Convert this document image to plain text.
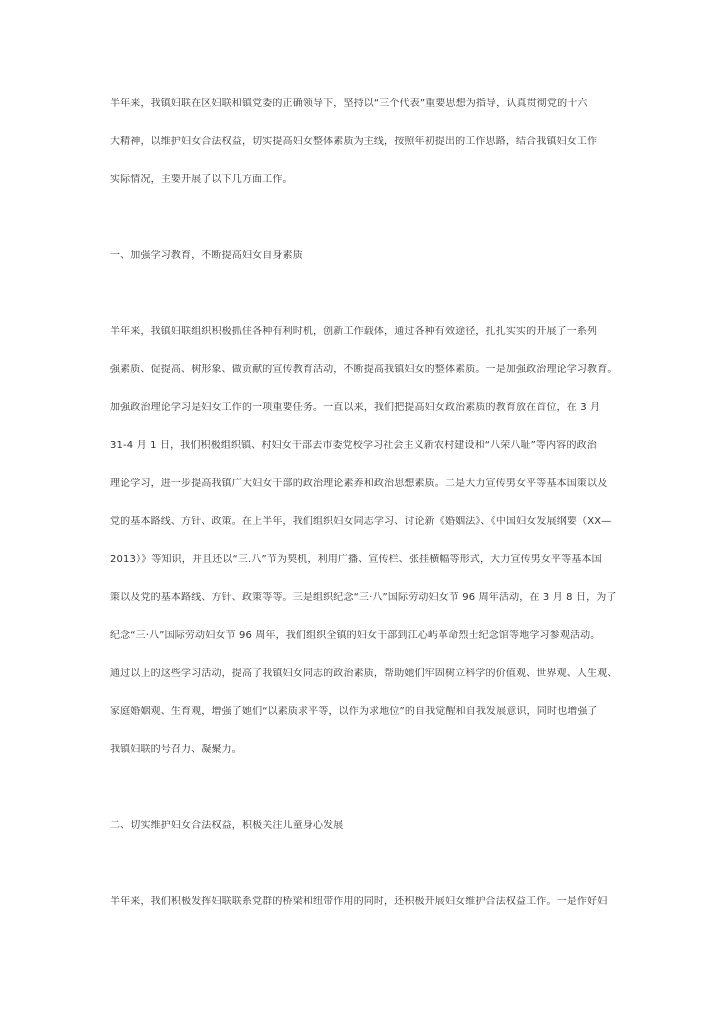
半年来，我镇妇联在区妇联和镇党委的正确领导下，坚持以“三个代表”重要思想为指导，认真贯彻党的十六
大精神，以维护妇女合法权益，切实提高妇女整体素质为主线，按照年初提出的工作思路，结合我镇妇女工作
实际情况，主要开展了以下几方面工作。
一、加强学习教育，不断提高妇女自身素质
半年来，我镇妇联组织积极抓住各种有利时机，创新工作载体，通过各种有效途径，扎扎实实的开展了一系列
强素质、促提高、树形象、做贡献的宣传教育活动，不断提高我镇妇女的整体素质。一是加强政治理论学习教育。
加强政治理论学习是妇女工作的一项重要任务。一直以来，我们把提高妇女政治素质的教育放在首位，在 3 月
31-4 月 1 日，我们积极组织镇、村妇女干部去市委党校学习社会主义新农村建设和“八荣八耻”等内容的政治
理论学习，进一步提高我镇广大妇女干部的政治理论素养和政治思想素质。二是大力宣传男女平等基本国策以及
党的基本路线、方针、政策。在上半年，我们组织妇女同志学习、讨论新《婚姻法》、《中国妇女发展纲要（XX—
2013）》等知识，并且还以“三.八”节为契机，利用广播、宣传栏、张挂横幅等形式，大力宣传男女平等基本国
策以及党的基本路线、方针、政策等等。三是组织纪念“三·八”国际劳动妇女节 96 周年活动，在 3 月 8 日，为了
纪念“三·八”国际劳动妇女节 96 周年，我们组织全镇的妇女干部到江心屿革命烈士纪念馆等地学习参观活动。
通过以上的这些学习活动，提高了我镇妇女同志的政治素质，帮助她们牢固树立科学的价值观、世界观、人生观、
家庭婚姻观、生育观，增强了她们“以素质求平等，以作为求地位”的自我觉醒和自我发展意识，同时也增强了
我镇妇联的号召力、凝聚力。
二、切实维护妇女合法权益，积极关注儿童身心发展
半年来，我们积极发挥妇联联系党群的桥梁和纽带作用的同时，还积极开展妇女维护合法权益工作。一是作好妇
